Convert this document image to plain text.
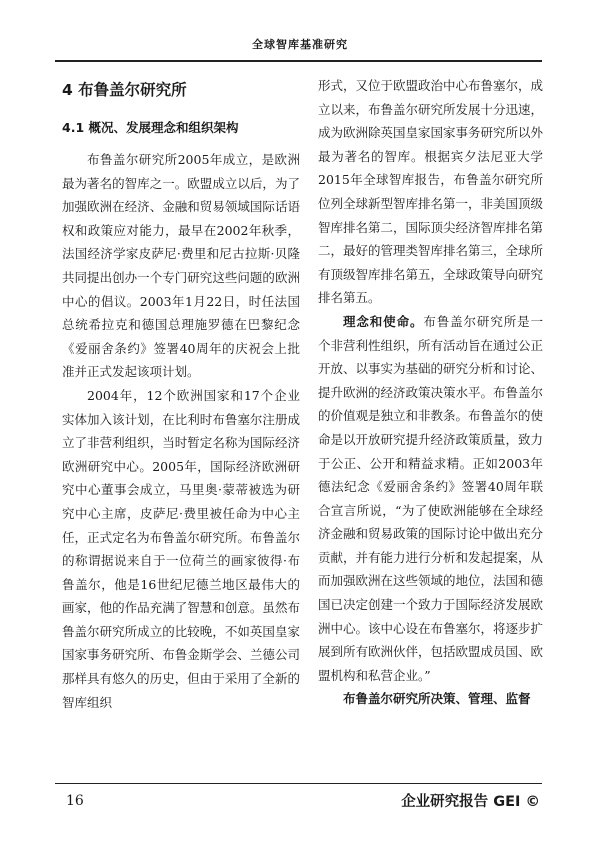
全球智库基准研究
4 布鲁盖尔研究所
4.1 概况、发展理念和组织架构

布鲁盖尔研究所2005年成立，是欧洲最为著名的智库之一。欧盟成立以后，为了加强欧洲在经济、金融和贸易领域国际话语权和政策应对能力，最早在2002年秋季，法国经济学家皮萨尼·费里和尼古拉斯·贝隆共同提出创办一个专门研究这些问题的欧洲中心的倡议。2003年1月22日，时任法国总统希拉克和德国总理施罗德在巴黎纪念《爱丽舍条约》签署40周年的庆祝会上批准并正式发起该项计划。

2004年，12个欧洲国家和17个企业实体加入该计划，在比利时布鲁塞尔注册成立了非营利组织，当时暂定名称为国际经济欧洲研究中心。2005年，国际经济欧洲研究中心董事会成立，马里奥·蒙蒂被选为研究中心主席，皮萨尼·费里被任命为中心主任，正式定名为布鲁盖尔研究所。布鲁盖尔的称谓据说来自于一位荷兰的画家彼得·布鲁盖尔，他是16世纪尼德兰地区最伟大的画家，他的作品充满了智慧和创意。虽然布鲁盖尔研究所成立的比较晚，不如英国皇家国家事务研究所、布鲁金斯学会、兰德公司那样具有悠久的历史，但由于采用了全新的智库组织

形式，又位于欧盟政治中心布鲁塞尔，成立以来，布鲁盖尔研究所发展十分迅速，成为欧洲除英国皇家国家事务研究所以外最为著名的智库。根据宾夕法尼亚大学2015年全球智库报告，布鲁盖尔研究所位列全球新型智库排名第一，非美国顶级智库排名第二，国际顶尖经济智库排名第二，最好的管理类智库排名第三，全球所有顶级智库排名第五，全球政策导向研究排名第五。

理念和使命。布鲁盖尔研究所是一个非营利性组织，所有活动旨在通过公正开放、以事实为基础的研究分析和讨论、提升欧洲的经济政策决策水平。布鲁盖尔的价值观是独立和非教条。布鲁盖尔的使命是以开放研究提升经济政策质量，致力于公正、公开和精益求精。正如2003年德法纪念《爱丽舍条约》签署40周年联合宣言所说，“为了使欧洲能够在全球经济金融和贸易政策的国际讨论中做出充分贡献，并有能力进行分析和发起提案，从而加强欧洲在这些领域的地位，法国和德国已决定创建一个致力于国际经济发展欧洲中心。该中心设在布鲁塞尔，将逐步扩展到所有欧洲伙伴，包括欧盟成员国、欧盟机构和私营企业。”

布鲁盖尔研究所决策、管理、监督

16	企业研究报告 GEI ©
